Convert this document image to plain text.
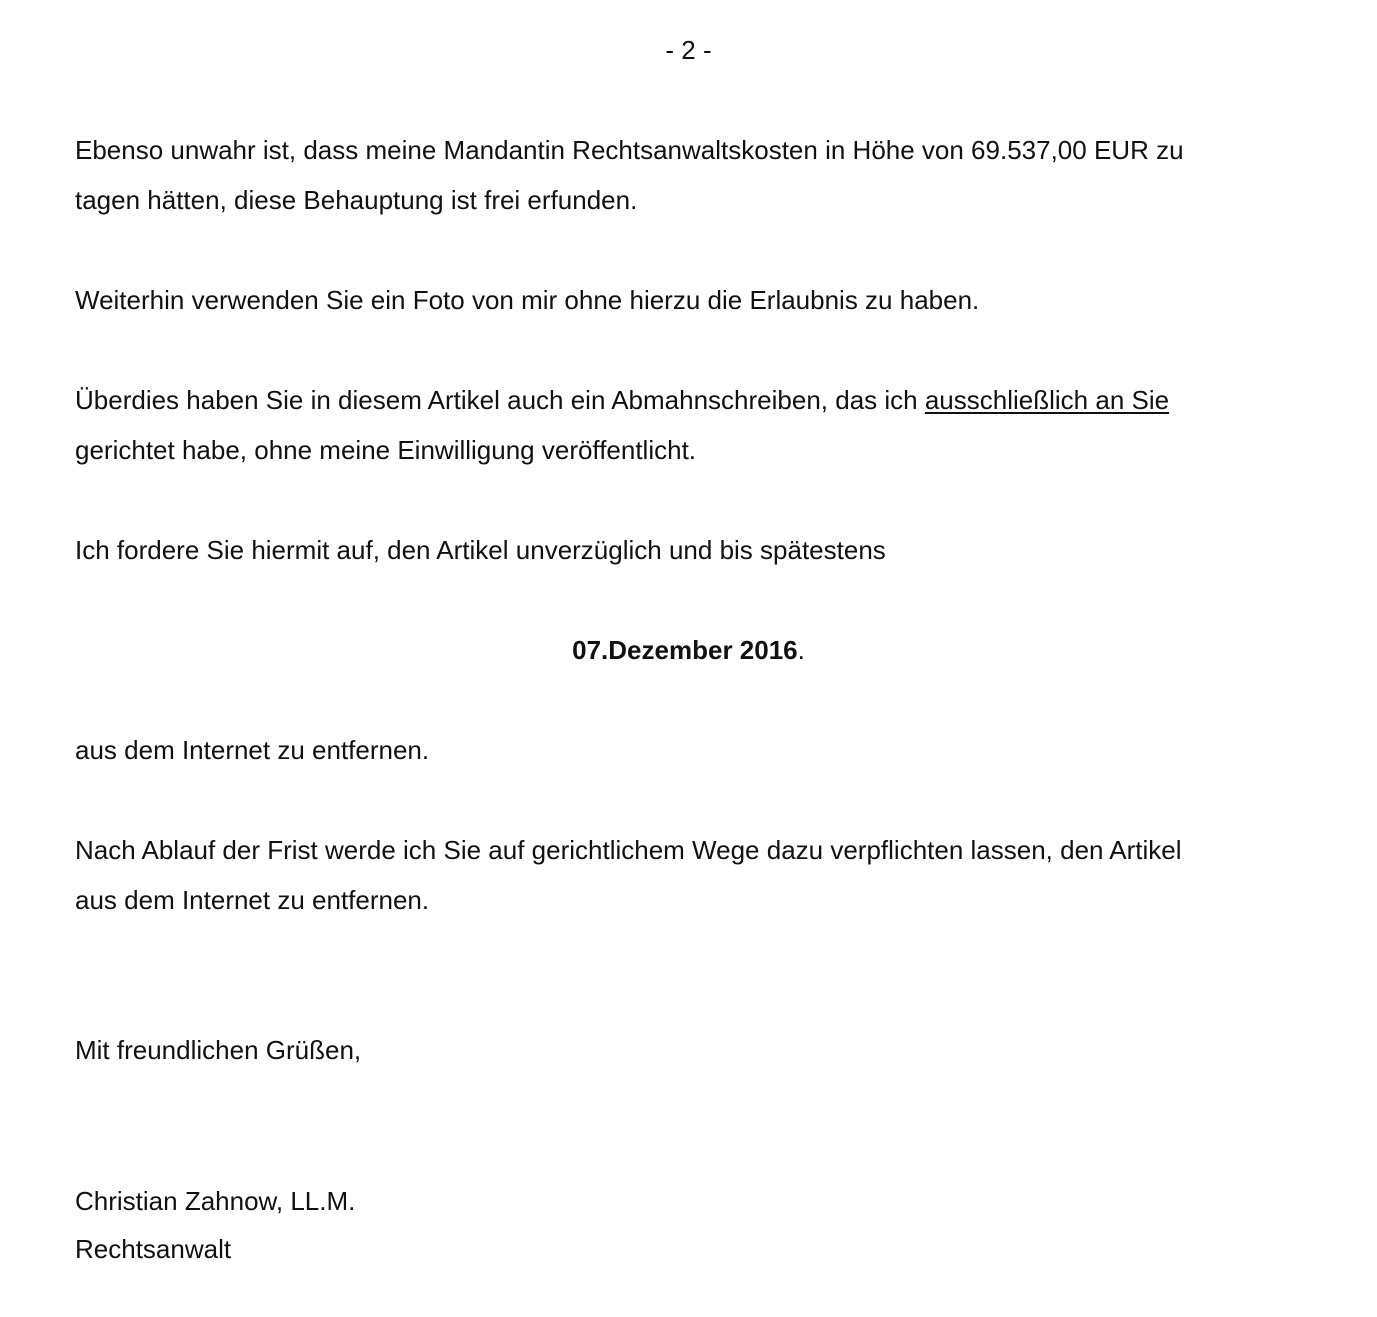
- 2 -
Ebenso unwahr ist, dass meine Mandantin Rechtsanwaltskosten in Höhe von 69.537,00 EUR zu
tagen hätten, diese Behauptung ist frei erfunden.
Weiterhin verwenden Sie ein Foto von mir ohne hierzu die Erlaubnis zu haben.
Überdies haben Sie in diesem Artikel auch ein Abmahnschreiben, das ich ausschließlich an Sie
gerichtet habe, ohne meine Einwilligung veröffentlicht.
Ich fordere Sie hiermit auf, den Artikel unverzüglich und bis spätestens
07.Dezember 2016.
aus dem Internet zu entfernen.
Nach Ablauf der Frist werde ich Sie auf gerichtlichem Wege dazu verpflichten lassen, den Artikel
aus dem Internet zu entfernen.
Mit freundlichen Grüßen,
Christian Zahnow, LL.M.
Rechtsanwalt
